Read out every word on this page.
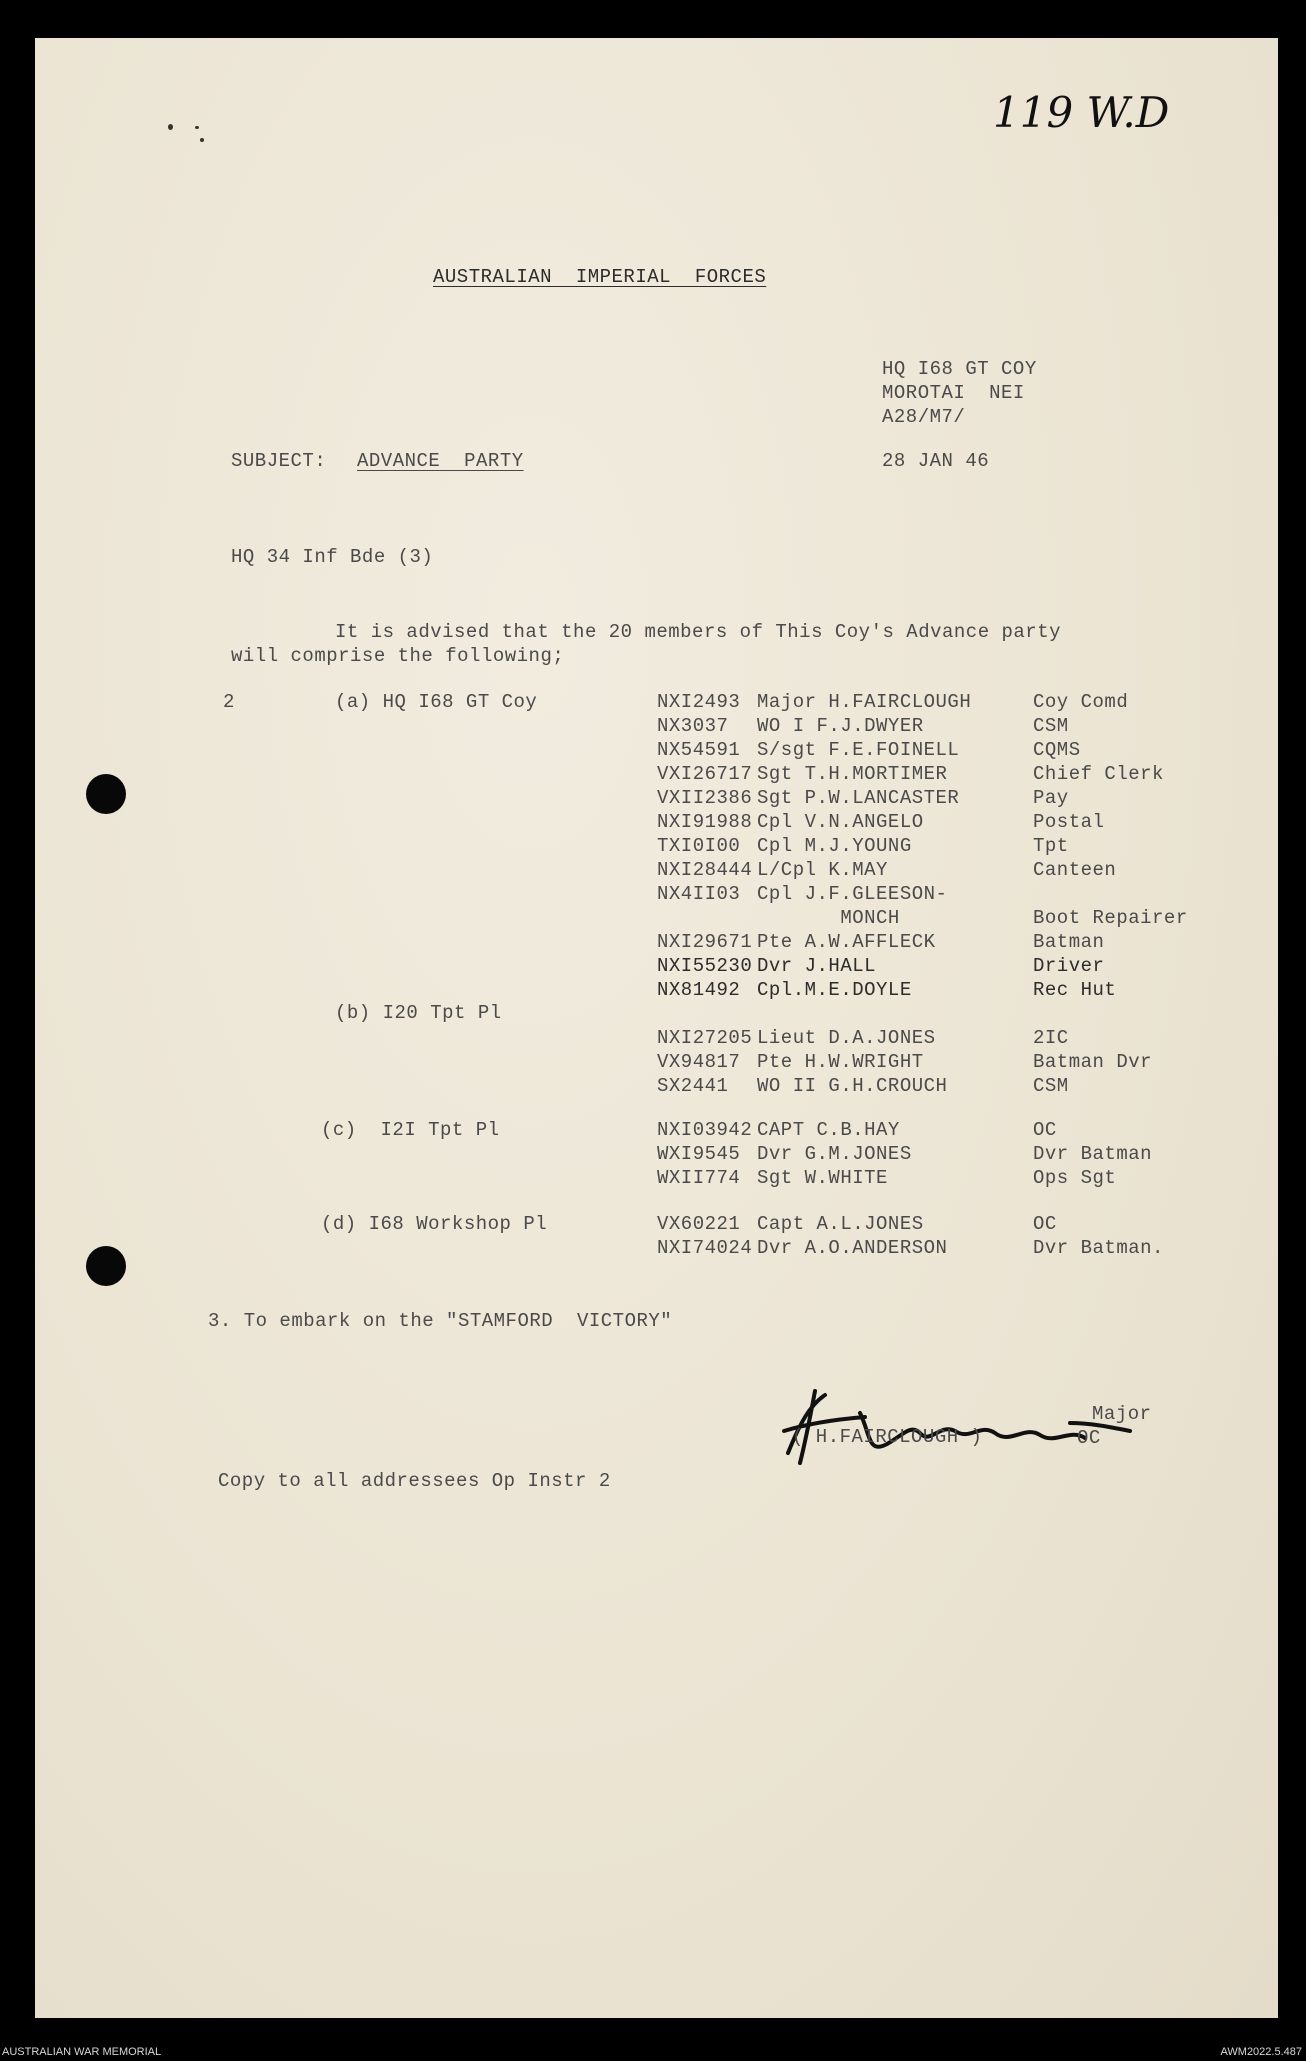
119 W.D
AUSTRALIAN  IMPERIAL  FORCES
HQ I68 GT COY
MOROTAI  NEI
A28/M7/
SUBJECT: ADVANCE  PARTY	28 JAN 46
HQ 34 Inf Bde (3)
It is advised that the 20 members of This Coy's Advance party
will comprise the following;
2	(a) HQ I68 GT Coy	NXI2493 Major H.FAIRCLOUGH	Coy Comd
NX3037 WO I F.J.DWYER	CSM
NX54591 S/sgt F.E.FOINELL	CQMS
VXI26717 Sgt T.H.MORTIMER	Chief Clerk
VXII2386 Sgt P.W.LANCASTER	Pay
NXI91988 Cpl V.N.ANGELO	Postal
TXI0I00 Cpl M.J.YOUNG	Tpt
NXI28444 L/Cpl K.MAY	Canteen
NX4II03 Cpl J.F.GLEESON-
MONCH	Boot Repairer
NXI29671 Pte A.W.AFFLECK	Batman
NXI55230 Dvr J.HALL	Driver
NX81492 Cpl.M.E.DOYLE	Rec Hut
(b) I20 Tpt Pl
NXI27205 Lieut D.A.JONES	2IC
VX94817 Pte H.W.WRIGHT	Batman Dvr
SX2441 WO II G.H.CROUCH	CSM
(c)  I2I Tpt Pl	NXI03942 CAPT C.B.HAY	OC
WXI9545 Dvr G.M.JONES	Dvr Batman
WXII774 Sgt W.WHITE	Ops Sgt
(d) I68 Workshop Pl	VX60221 Capt A.L.JONES	OC
NXI74024 Dvr A.O.ANDERSON	Dvr Batman.
3. To embark on the "STAMFORD  VICTORY"
( H.FAIRCLOUGH )
Major
OC
Copy to all addressees Op Instr 2
AUSTRALIAN WAR MEMORIAL	AWM2022.5.487
